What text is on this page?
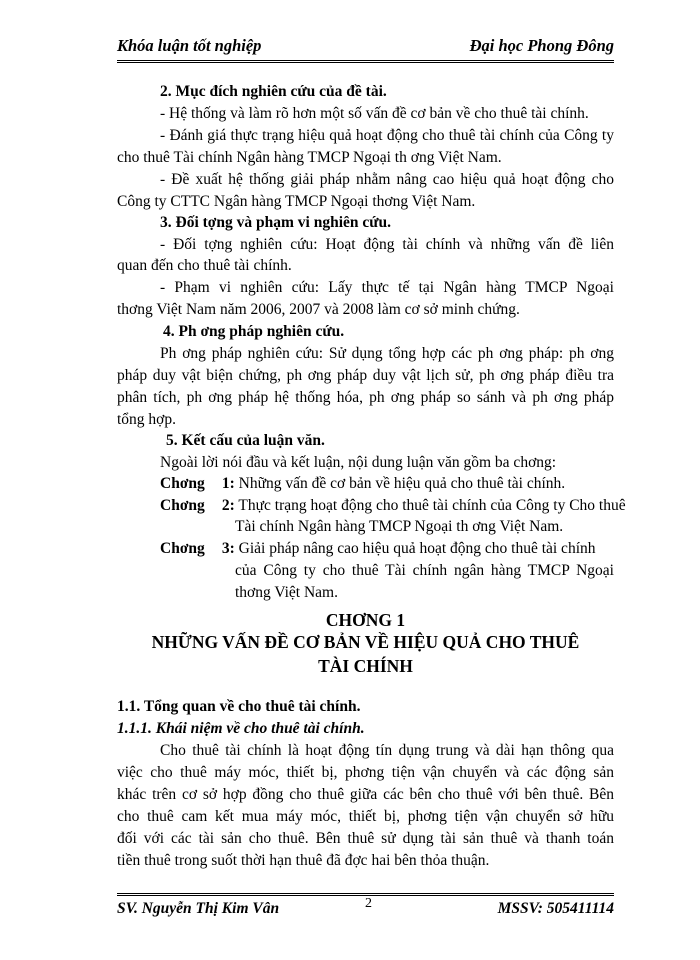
Khóa luận tốt nghiệp	Đại học Phong Đông

2. Mục đích nghiên cứu của đề tài.

- Hệ thống và làm rõ hơn một số vấn đề cơ bản về cho thuê tài chính.

- Đánh giá thực trạng hiệu quả hoạt động cho thuê tài chính của Công ty

cho thuê Tài chính Ngân hàng TMCP Ngoại th ơng Việt Nam.

- Đề xuất hệ thống giải pháp nhằm nâng cao hiệu quả hoạt động cho

Công ty CTTC Ngân hàng TMCP Ngoại thơng Việt Nam.

3. Đối tợng và phạm vi nghiên cứu.

- Đối tợng nghiên cứu: Hoạt động tài chính và những vấn đề liên

quan đến cho thuê tài chính.

- Phạm vi nghiên cứu: Lấy thực tế tại Ngân hàng TMCP Ngoại

thơng Việt Nam năm 2006, 2007 và 2008 làm cơ sở minh chứng.

4. Ph ơng pháp nghiên cứu.

Ph ơng pháp nghiên cứu: Sử dụng tổng hợp các ph ơng pháp: ph ơng

pháp duy vật biện chứng, ph ơng pháp duy vật lịch sử, ph ơng pháp điều tra

phân tích, ph ơng pháp hệ thống hóa, ph ơng pháp so sánh và ph ơng pháp

tổng hợp.

5. Kết cấu của luận văn.

Ngoài lời nói đầu và kết luận, nội dung luận văn gồm ba chơng:

Chơng 1: Những vấn đề cơ bản về hiệu quả cho thuê tài chính.

Chơng 2: Thực trạng hoạt động cho thuê tài chính của Công ty Cho thuê

Tài chính Ngân hàng TMCP Ngoại th ơng Việt Nam.

Chơng 3: Giải pháp nâng cao hiệu quả hoạt động cho thuê tài chính

của Công ty cho thuê Tài chính ngân hàng TMCP Ngoại

thơng Việt Nam.

CHƠNG 1
NHỮNG VẤN ĐỀ CƠ BẢN VỀ HIỆU QUẢ CHO THUÊ
TÀI CHÍNH

1.1. Tổng quan về cho thuê tài chính.

1.1.1. Khái niệm về cho thuê tài chính.

Cho thuê tài chính là hoạt động tín dụng trung và dài hạn thông qua

việc cho thuê máy móc, thiết bị, phơng tiện vận chuyển và các động sản

khác trên cơ sở hợp đồng cho thuê giữa các bên cho thuê với bên thuê. Bên

cho thuê cam kết mua máy móc, thiết bị, phơng tiện vận chuyển sở hữu

đối với các tài sản cho thuê. Bên thuê sử dụng tài sản thuê và thanh toán

tiền thuê trong suốt thời hạn thuê đã đợc hai bên thỏa thuận.

SV. Nguyễn Thị Kim Vân	2	MSSV: 505411114
